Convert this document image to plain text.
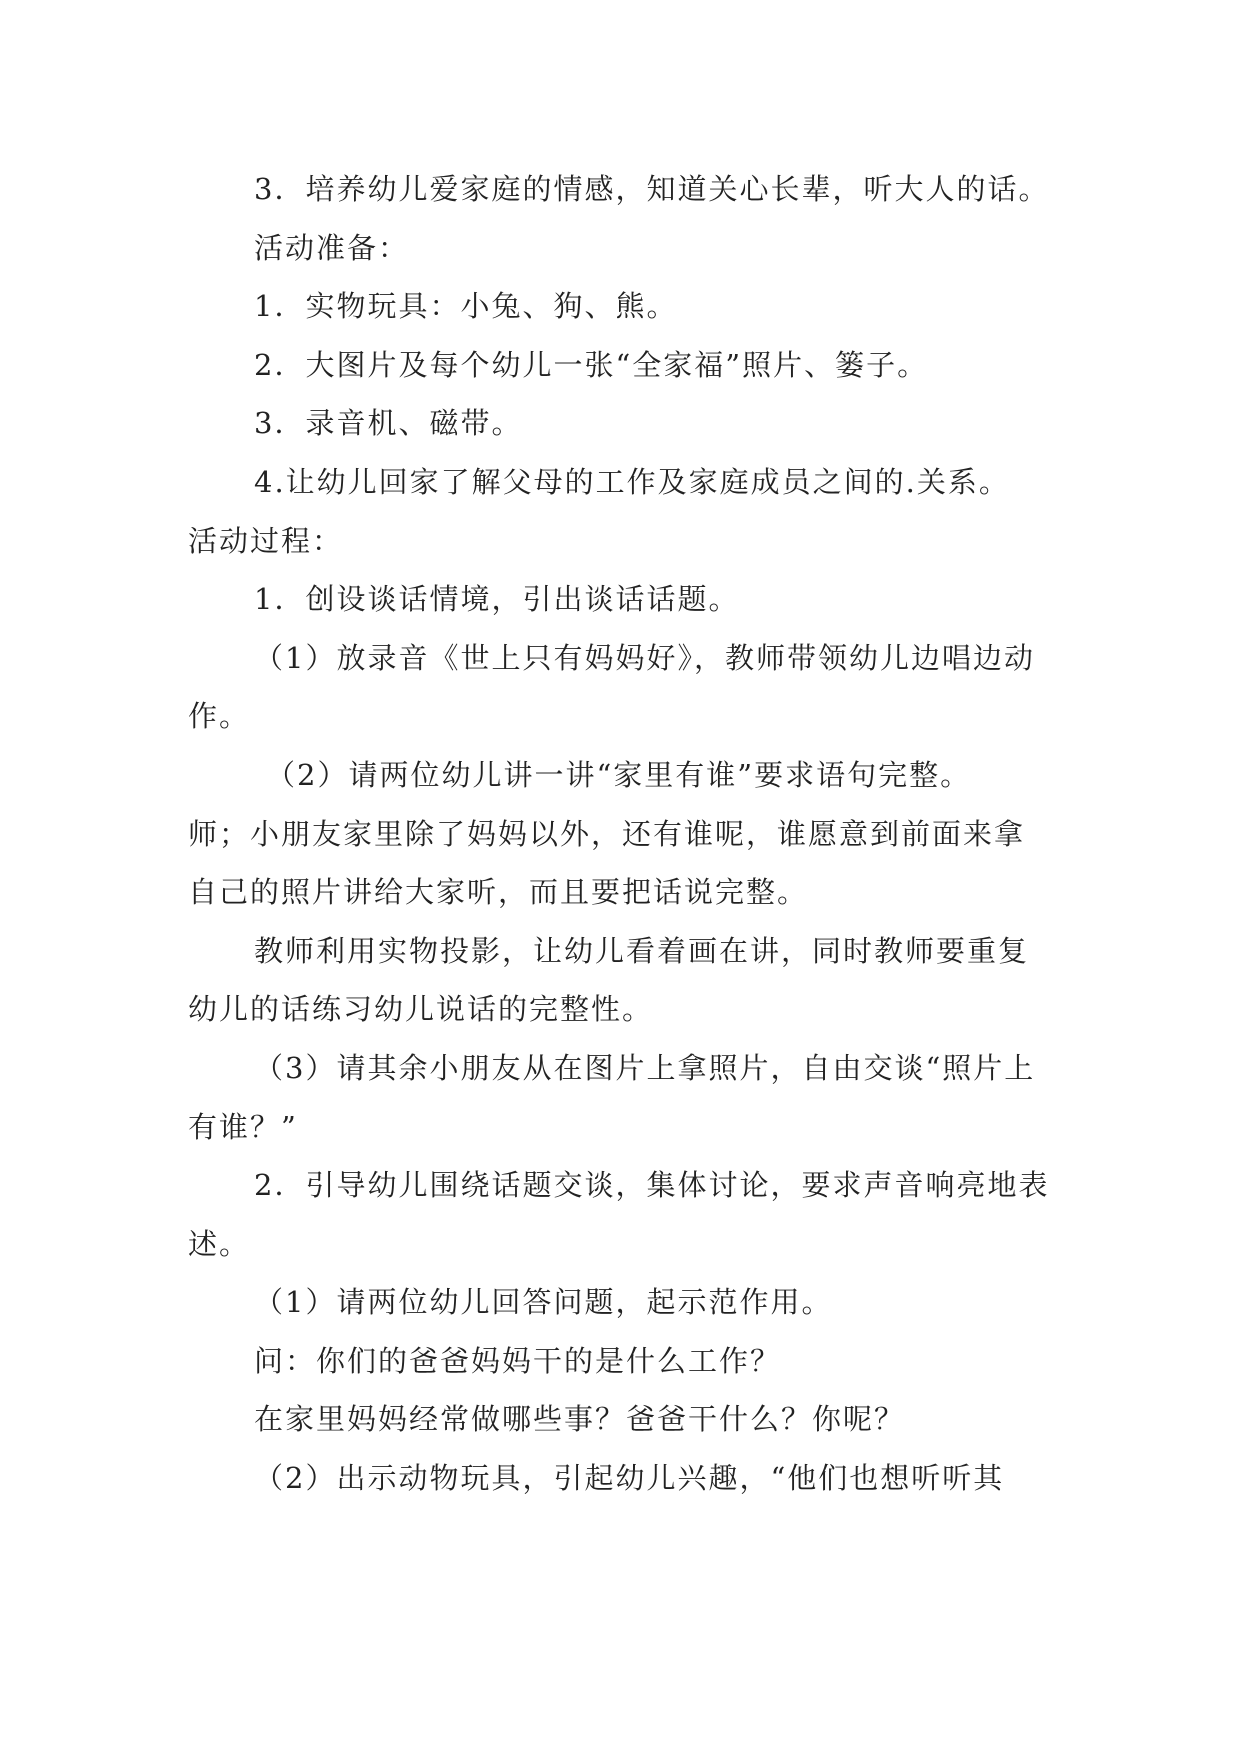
3．培养幼儿爱家庭的情感，知道关心长辈，听大人的话。

活动准备：

1．实物玩具：小兔、狗、熊。

2．大图片及每个幼儿一张“全家福”照片、篓子。

3．录音机、磁带。

4.让幼儿回家了解父母的工作及家庭成员之间的.关系。

活动过程：

1．创设谈话情境，引出谈话话题。

（1）放录音《世上只有妈妈好》，教师带领幼儿边唱边动作。

（2）请两位幼儿讲一讲“家里有谁”要求语句完整。

师；小朋友家里除了妈妈以外，还有谁呢，谁愿意到前面来拿自己的照片讲给大家听，而且要把话说完整。

教师利用实物投影，让幼儿看着画在讲，同时教师要重复幼儿的话练习幼儿说话的完整性。

（3）请其余小朋友从在图片上拿照片，自由交谈“照片上有谁？”

2．引导幼儿围绕话题交谈，集体讨论，要求声音响亮地表述。

（1）请两位幼儿回答问题，起示范作用。

问：你们的爸爸妈妈干的是什么工作？

在家里妈妈经常做哪些事？爸爸干什么？你呢？

（2）出示动物玩具，引起幼儿兴趣，“他们也想听听其
